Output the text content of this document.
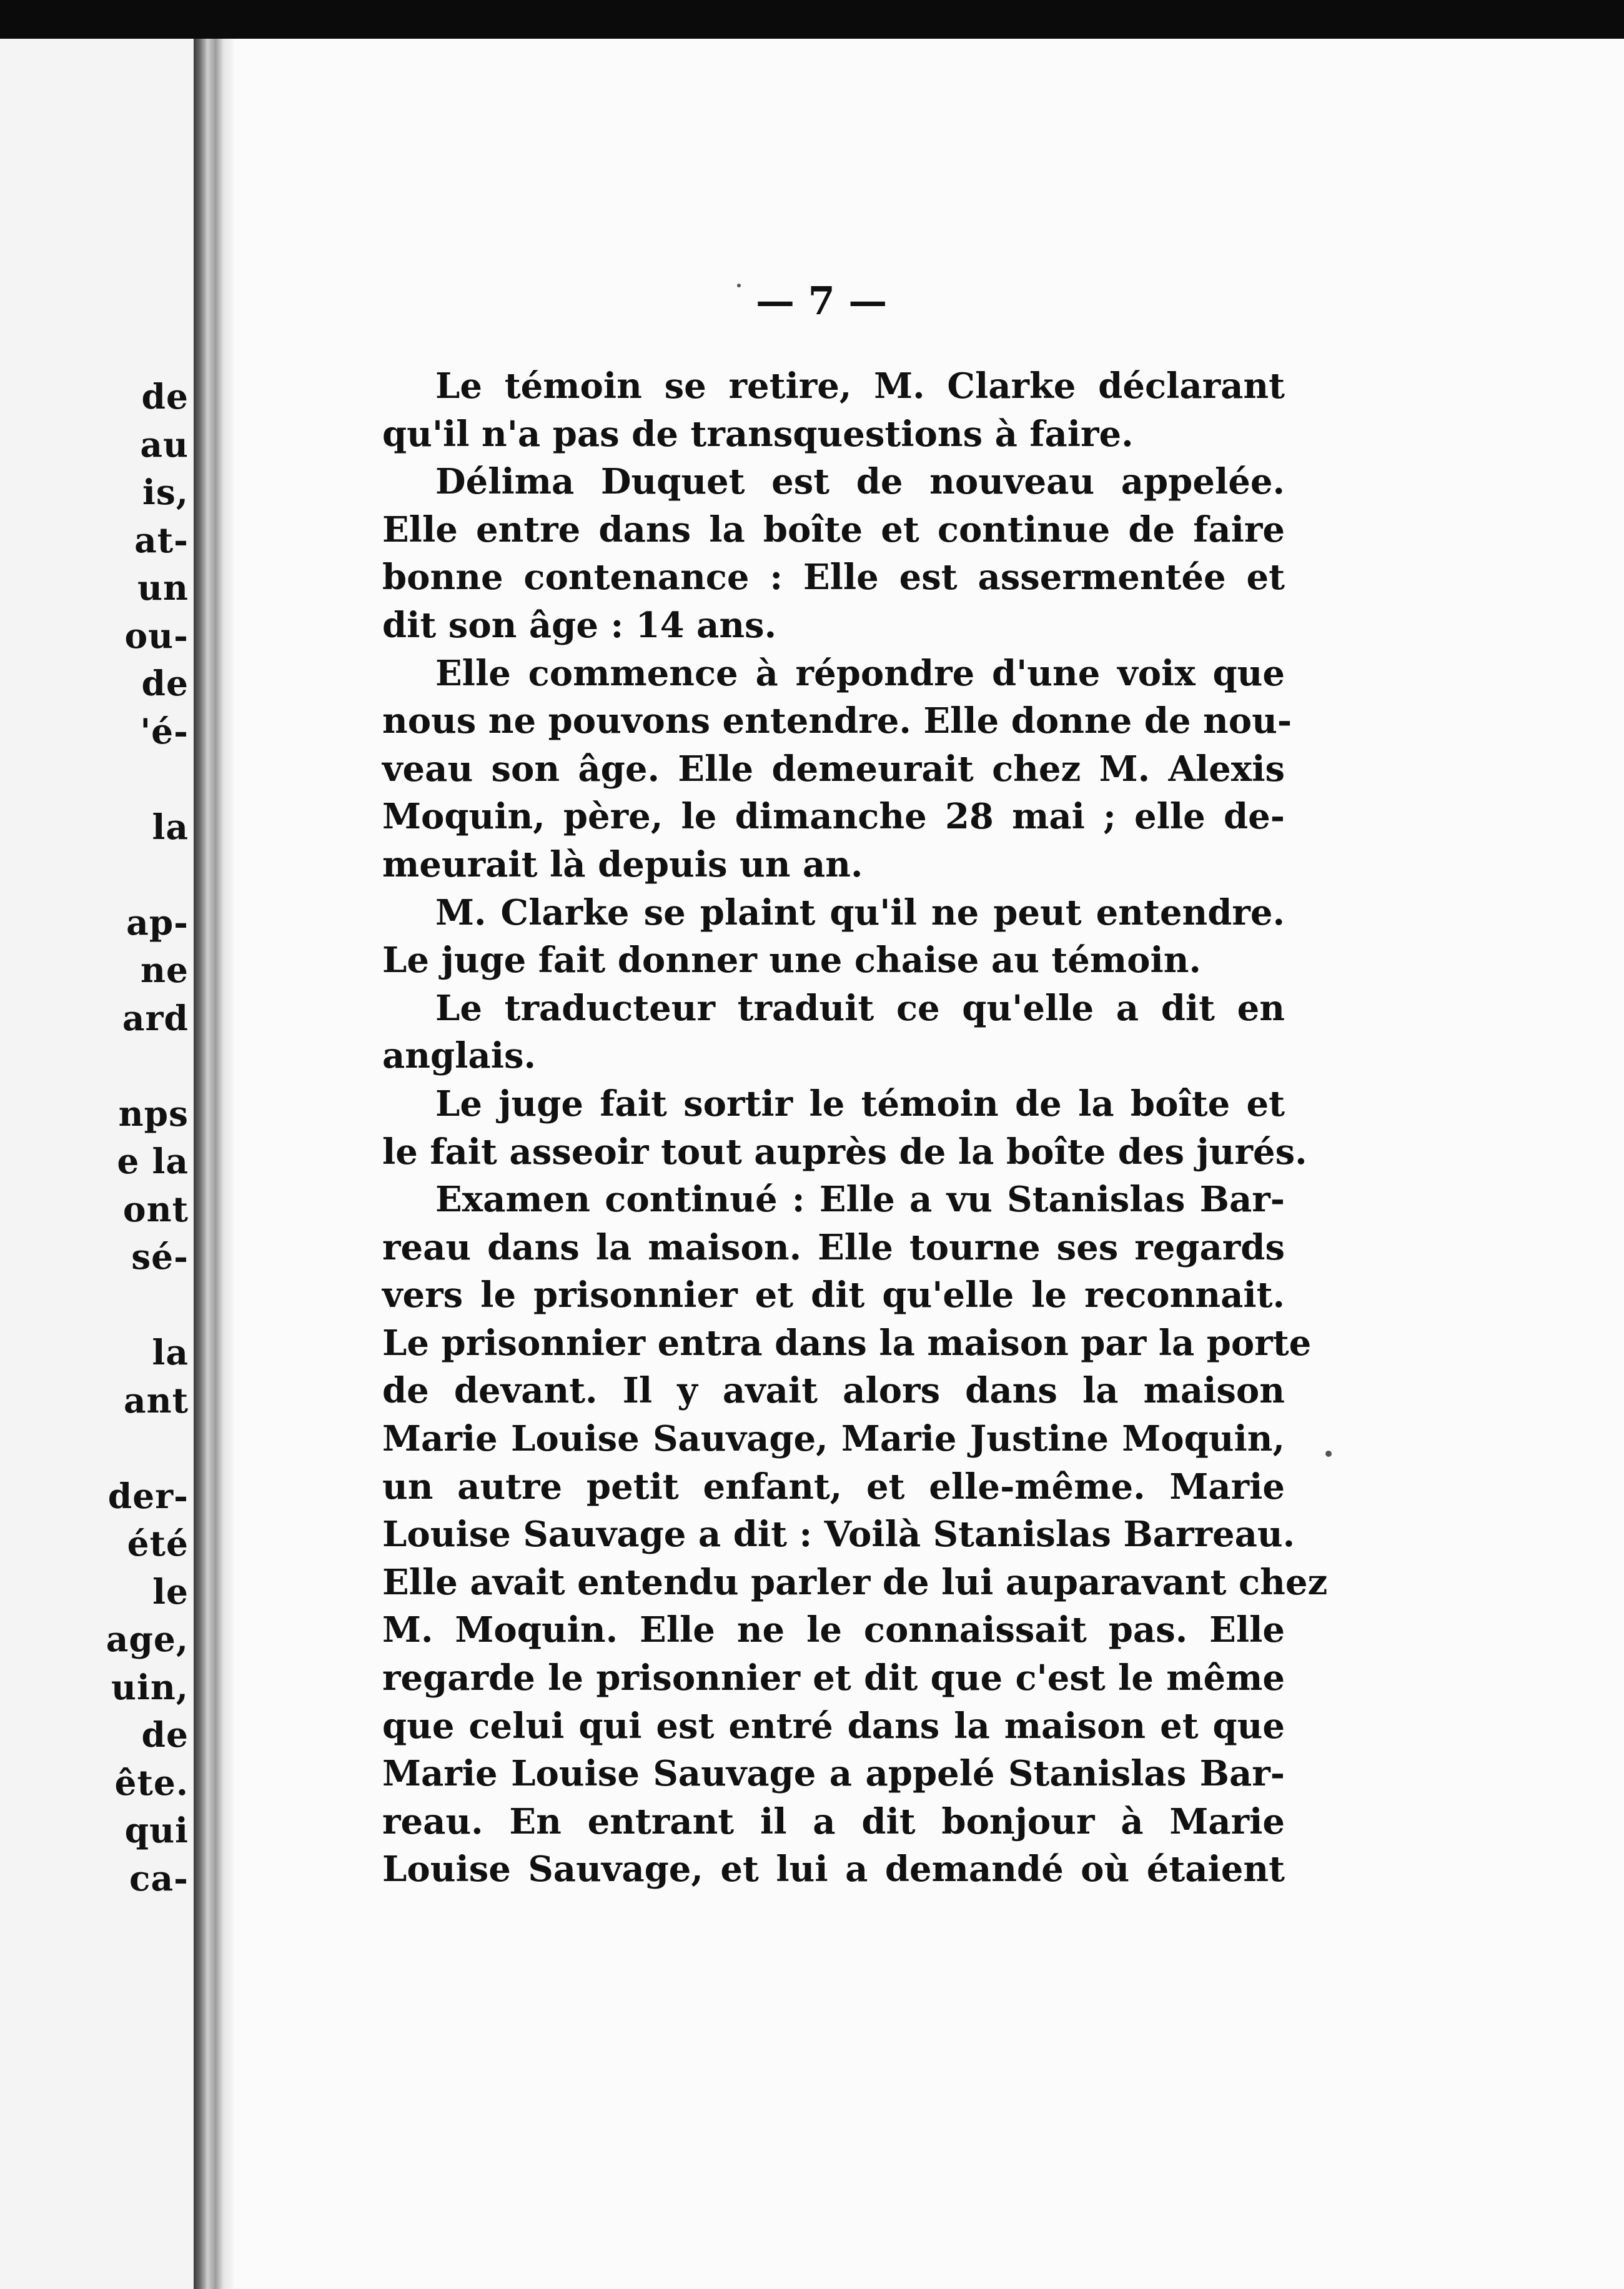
de
au
is,
at-
un
ou-
de
'é-
la
ap-
ne
ard
nps
e la
ont
sé-
la
ant
der-
été
le
age,
uin,
de
ête.
qui
ca-
— 7 —
Le témoin se retire, M. Clarke déclarant
qu'il n'a pas de transquestions à faire.
Délima Duquet est de nouveau appelée.
Elle entre dans la boîte et continue de faire
bonne contenance : Elle est assermentée et
dit son âge : 14 ans.
Elle commence à répondre d'une voix que
nous ne pouvons entendre. Elle donne de nou-
veau son âge. Elle demeurait chez M. Alexis
Moquin, père, le dimanche 28 mai ; elle de-
meurait là depuis un an.
M. Clarke se plaint qu'il ne peut entendre.
Le juge fait donner une chaise au témoin.
Le traducteur traduit ce qu'elle a dit en
anglais.
Le juge fait sortir le témoin de la boîte et
le fait asseoir tout auprès de la boîte des jurés.
Examen continué : Elle a vu Stanislas Bar-
reau dans la maison. Elle tourne ses regards
vers le prisonnier et dit qu'elle le reconnait.
Le prisonnier entra dans la maison par la porte
de devant. Il y avait alors dans la maison
Marie Louise Sauvage, Marie Justine Moquin,
un autre petit enfant, et elle-même. Marie
Louise Sauvage a dit : Voilà Stanislas Barreau.
Elle avait entendu parler de lui auparavant chez
M. Moquin. Elle ne le connaissait pas. Elle
regarde le prisonnier et dit que c'est le même
que celui qui est entré dans la maison et que
Marie Louise Sauvage a appelé Stanislas Bar-
reau. En entrant il a dit bonjour à Marie
Louise Sauvage, et lui a demandé où étaient
